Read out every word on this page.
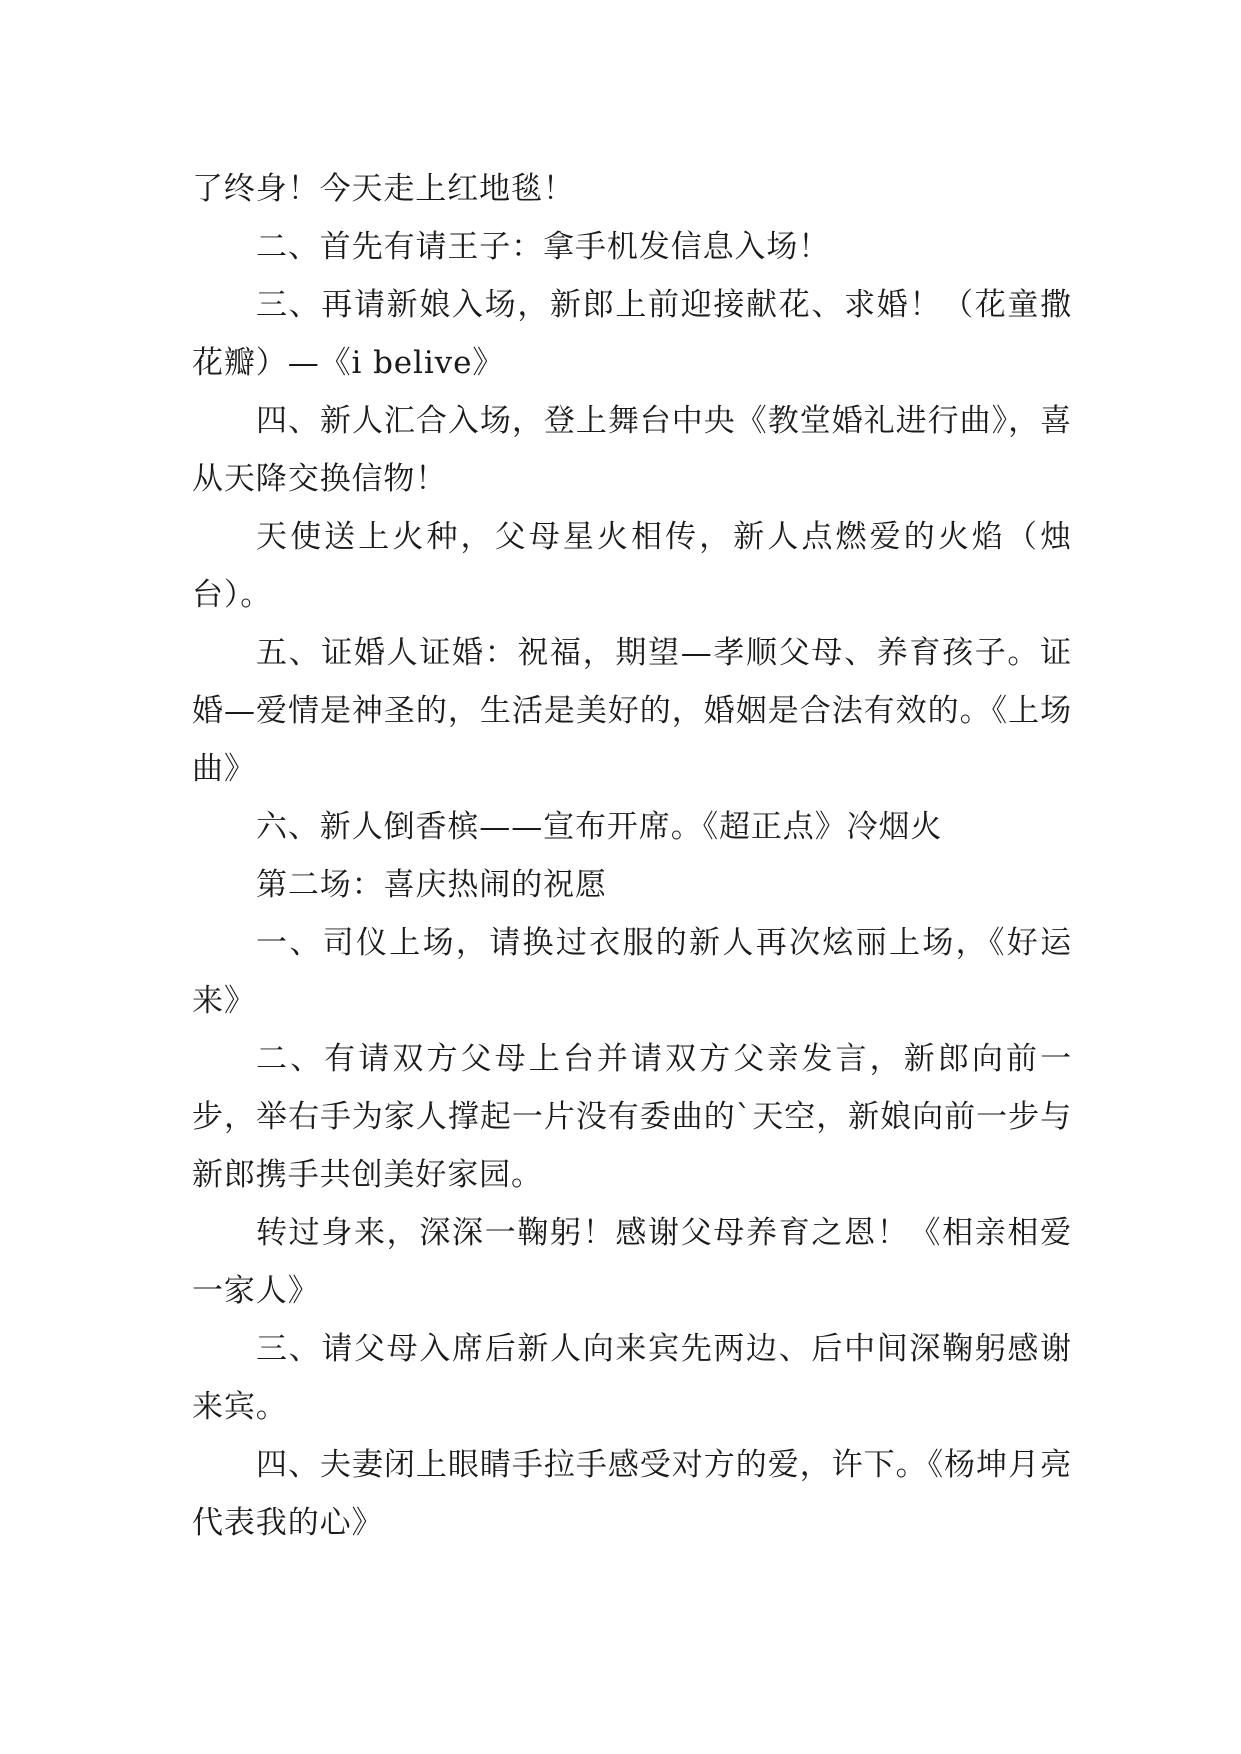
了终身！今天走上红地毯！

二、首先有请王子：拿手机发信息入场！

三、再请新娘入场，新郎上前迎接献花、求婚！（花童撒花瓣）—《i belive》

四、新人汇合入场，登上舞台中央《教堂婚礼进行曲》，喜从天降交换信物！

天使送上火种，父母星火相传，新人点燃爱的火焰（烛台）。

五、证婚人证婚：祝福，期望—孝顺父母、养育孩子。证婚—爱情是神圣的，生活是美好的，婚姻是合法有效的。《上场曲》

六、新人倒香槟——宣布开席。《超正点》冷烟火

第二场：喜庆热闹的祝愿

一、司仪上场，请换过衣服的新人再次炫丽上场，《好运来》

二、有请双方父母上台并请双方父亲发言，新郎向前一步，举右手为家人撑起一片没有委曲的`天空，新娘向前一步与新郎携手共创美好家园。

转过身来，深深一鞠躬！感谢父母养育之恩！《相亲相爱一家人》

三、请父母入席后新人向来宾先两边、后中间深鞠躬感谢来宾。

四、夫妻闭上眼睛手拉手感受对方的爱，许下。《杨坤月亮代表我的心》
